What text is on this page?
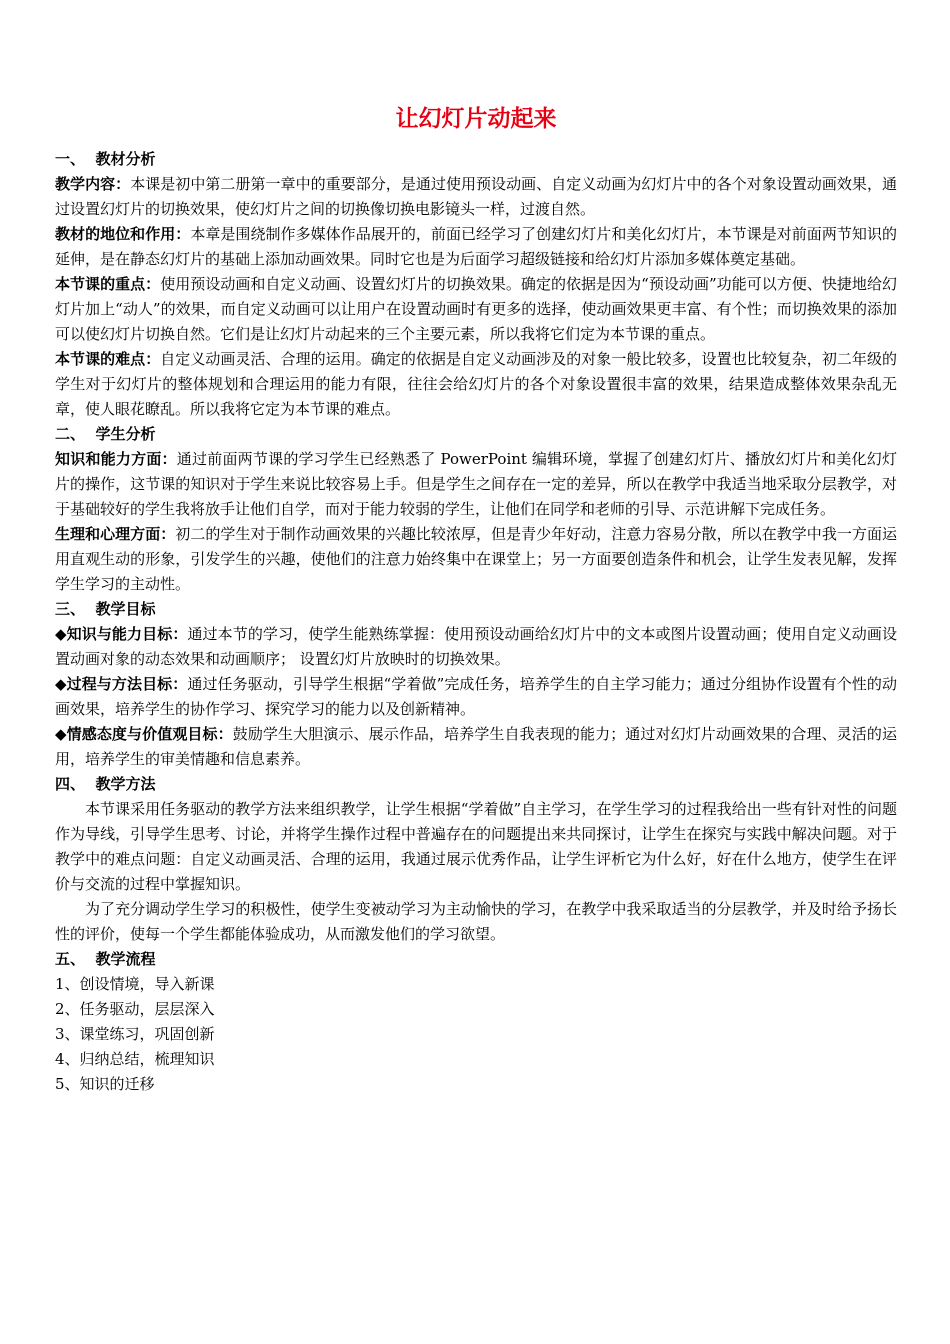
让幻灯片动起来
一、  教材分析

教学内容：本课是初中第二册第一章中的重要部分，是通过使用预设动画、自定义动画为幻灯片中的各个对象设置动画效果，通过设置幻灯片的切换效果，使幻灯片之间的切换像切换电影镜头一样，过渡自然。

教材的地位和作用：本章是围绕制作多媒体作品展开的，前面已经学习了创建幻灯片和美化幻灯片，本节课是对前面两节知识的延伸，是在静态幻灯片的基础上添加动画效果。同时它也是为后面学习超级链接和给幻灯片添加多媒体奠定基础。

本节课的重点：使用预设动画和自定义动画、设置幻灯片的切换效果。确定的依据是因为“预设动画”功能可以方便、快捷地给幻灯片加上“动人”的效果，而自定义动画可以让用户在设置动画时有更多的选择，使动画效果更丰富、有个性；而切换效果的添加可以使幻灯片切换自然。它们是让幻灯片动起来的三个主要元素，所以我将它们定为本节课的重点。

本节课的难点：自定义动画灵活、合理的运用。确定的依据是自定义动画涉及的对象一般比较多，设置也比较复杂，初二年级的学生对于幻灯片的整体规划和合理运用的能力有限，往往会给幻灯片的各个对象设置很丰富的效果，结果造成整体效果杂乱无章，使人眼花瞭乱。所以我将它定为本节课的难点。

二、  学生分析

知识和能力方面：通过前面两节课的学习学生已经熟悉了 PowerPoint 编辑环境，掌握了创建幻灯片、播放幻灯片和美化幻灯片的操作，这节课的知识对于学生来说比较容易上手。但是学生之间存在一定的差异，所以在教学中我适当地采取分层教学，对于基础较好的学生我将放手让他们自学，而对于能力较弱的学生，让他们在同学和老师的引导、示范讲解下完成任务。

生理和心理方面：初二的学生对于制作动画效果的兴趣比较浓厚，但是青少年好动，注意力容易分散，所以在教学中我一方面运用直观生动的形象，引发学生的兴趣，使他们的注意力始终集中在课堂上；另一方面要创造条件和机会，让学生发表见解，发挥学生学习的主动性。

三、  教学目标

◆知识与能力目标：通过本节的学习，使学生能熟练掌握：使用预设动画给幻灯片中的文本或图片设置动画；使用自定义动画设置动画对象的动态效果和动画顺序； 设置幻灯片放映时的切换效果。

◆过程与方法目标：通过任务驱动，引导学生根据“学着做”完成任务，培养学生的自主学习能力；通过分组协作设置有个性的动画效果，培养学生的协作学习、探究学习的能力以及创新精神。

◆情感态度与价值观目标：鼓励学生大胆演示、展示作品，培养学生自我表现的能力；通过对幻灯片动画效果的合理、灵活的运用，培养学生的审美情趣和信息素养。

四、  教学方法

本节课采用任务驱动的教学方法来组织教学，让学生根据“学着做”自主学习，在学生学习的过程我给出一些有针对性的问题作为导线，引导学生思考、讨论，并将学生操作过程中普遍存在的问题提出来共同探讨，让学生在探究与实践中解决问题。对于教学中的难点问题：自定义动画灵活、合理的运用，我通过展示优秀作品，让学生评析它为什么好，好在什么地方，使学生在评价与交流的过程中掌握知识。

为了充分调动学生学习的积极性，使学生变被动学习为主动愉快的学习，在教学中我采取适当的分层教学，并及时给予扬长性的评价，使每一个学生都能体验成功，从而激发他们的学习欲望。

五、  教学流程
1、创设情境，导入新课
2、任务驱动，层层深入
3、课堂练习，巩固创新
4、归纳总结，梳理知识
5、知识的迁移
